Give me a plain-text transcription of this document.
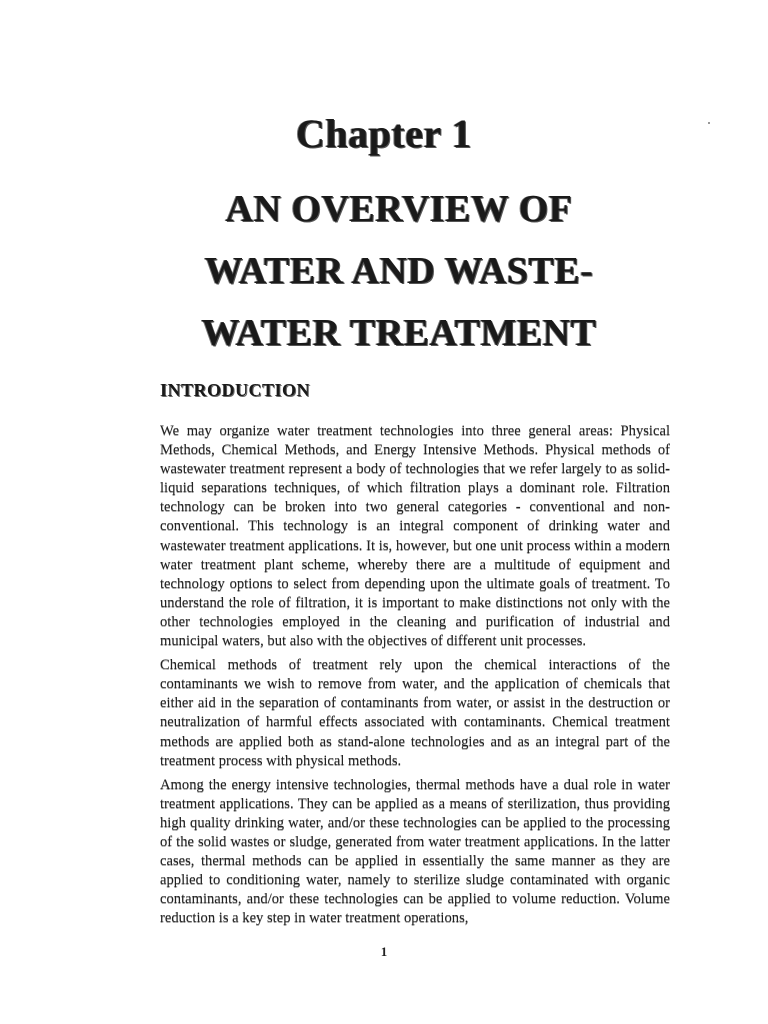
Chapter 1
AN OVERVIEW OF
WATER AND WASTE-
WATER TREATMENT
INTRODUCTION

We may organize water treatment technologies into three general areas: Physical Methods, Chemical Methods, and Energy Intensive Methods. Physical methods of wastewater treatment represent a body of technologies that we refer largely to as solid-liquid separations techniques, of which filtration plays a dominant role. Filtration technology can be broken into two general categories - conventional and non-conventional. This technology is an integral component of drinking water and wastewater treatment applications. It is, however, but one unit process within a modern water treatment plant scheme, whereby there are a multitude of equipment and technology options to select from depending upon the ultimate goals of treatment. To understand the role of filtration, it is important to make distinctions not only with the other technologies employed in the cleaning and purification of industrial and municipal waters, but also with the objectives of different unit processes.

Chemical methods of treatment rely upon the chemical interactions of the contaminants we wish to remove from water, and the application of chemicals that either aid in the separation of contaminants from water, or assist in the destruction or neutralization of harmful effects associated with contaminants. Chemical treatment methods are applied both as stand-alone technologies and as an integral part of the treatment process with physical methods.

Among the energy intensive technologies, thermal methods have a dual role in water treatment applications. They can be applied as a means of sterilization, thus providing high quality drinking water, and/or these technologies can be applied to the processing of the solid wastes or sludge, generated from water treatment applications. In the latter cases, thermal methods can be applied in essentially the same manner as they are applied to conditioning water, namely to sterilize sludge contaminated with organic contaminants, and/or these technologies can be applied to volume reduction. Volume reduction is a key step in water treatment operations,

1
